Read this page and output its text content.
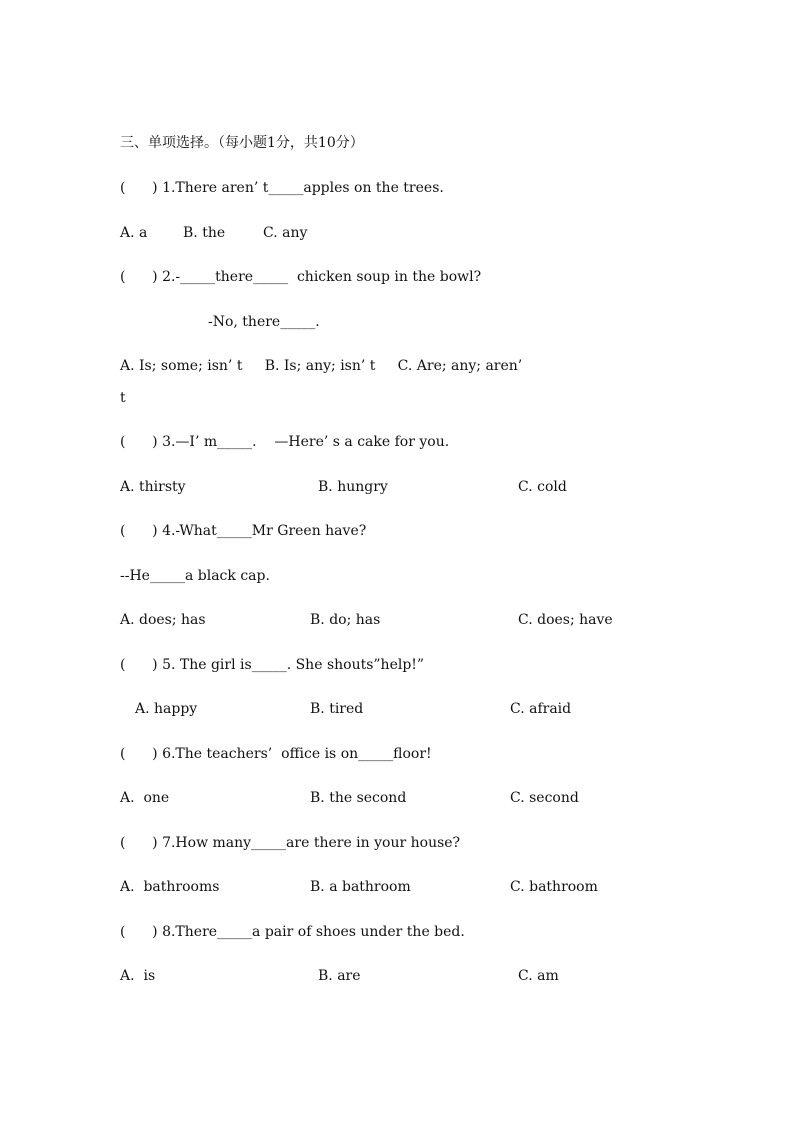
三、单项选择。（每小题1分，共10分）
(      ) 1.There aren’ t_____apples on the trees.
A. a	B. the	C. any
(      ) 2.-_____there_____  chicken soup in the bowl?
-No, there_____.
A. Is; some; isn’ t     B. Is; any; isn’ t     C. Are; any; aren’
t
(      ) 3.—I’ m_____.    —Here’ s a cake for you.
A. thirsty	B. hungry	C. cold
(      ) 4.-What_____Mr Green have?
--He_____a black cap.
A. does; has	B. do; has	C. does; have
(      ) 5. The girl is_____. She shouts”help!”
A. happy	B. tired	C. afraid
(      ) 6.The teachers’  office is on_____floor!
A.  one	B. the second	C. second
(      ) 7.How many_____are there in your house?
A.  bathrooms	B. a bathroom	C. bathroom
(      ) 8.There_____a pair of shoes under the bed.
A.  is	B. are	C. am
